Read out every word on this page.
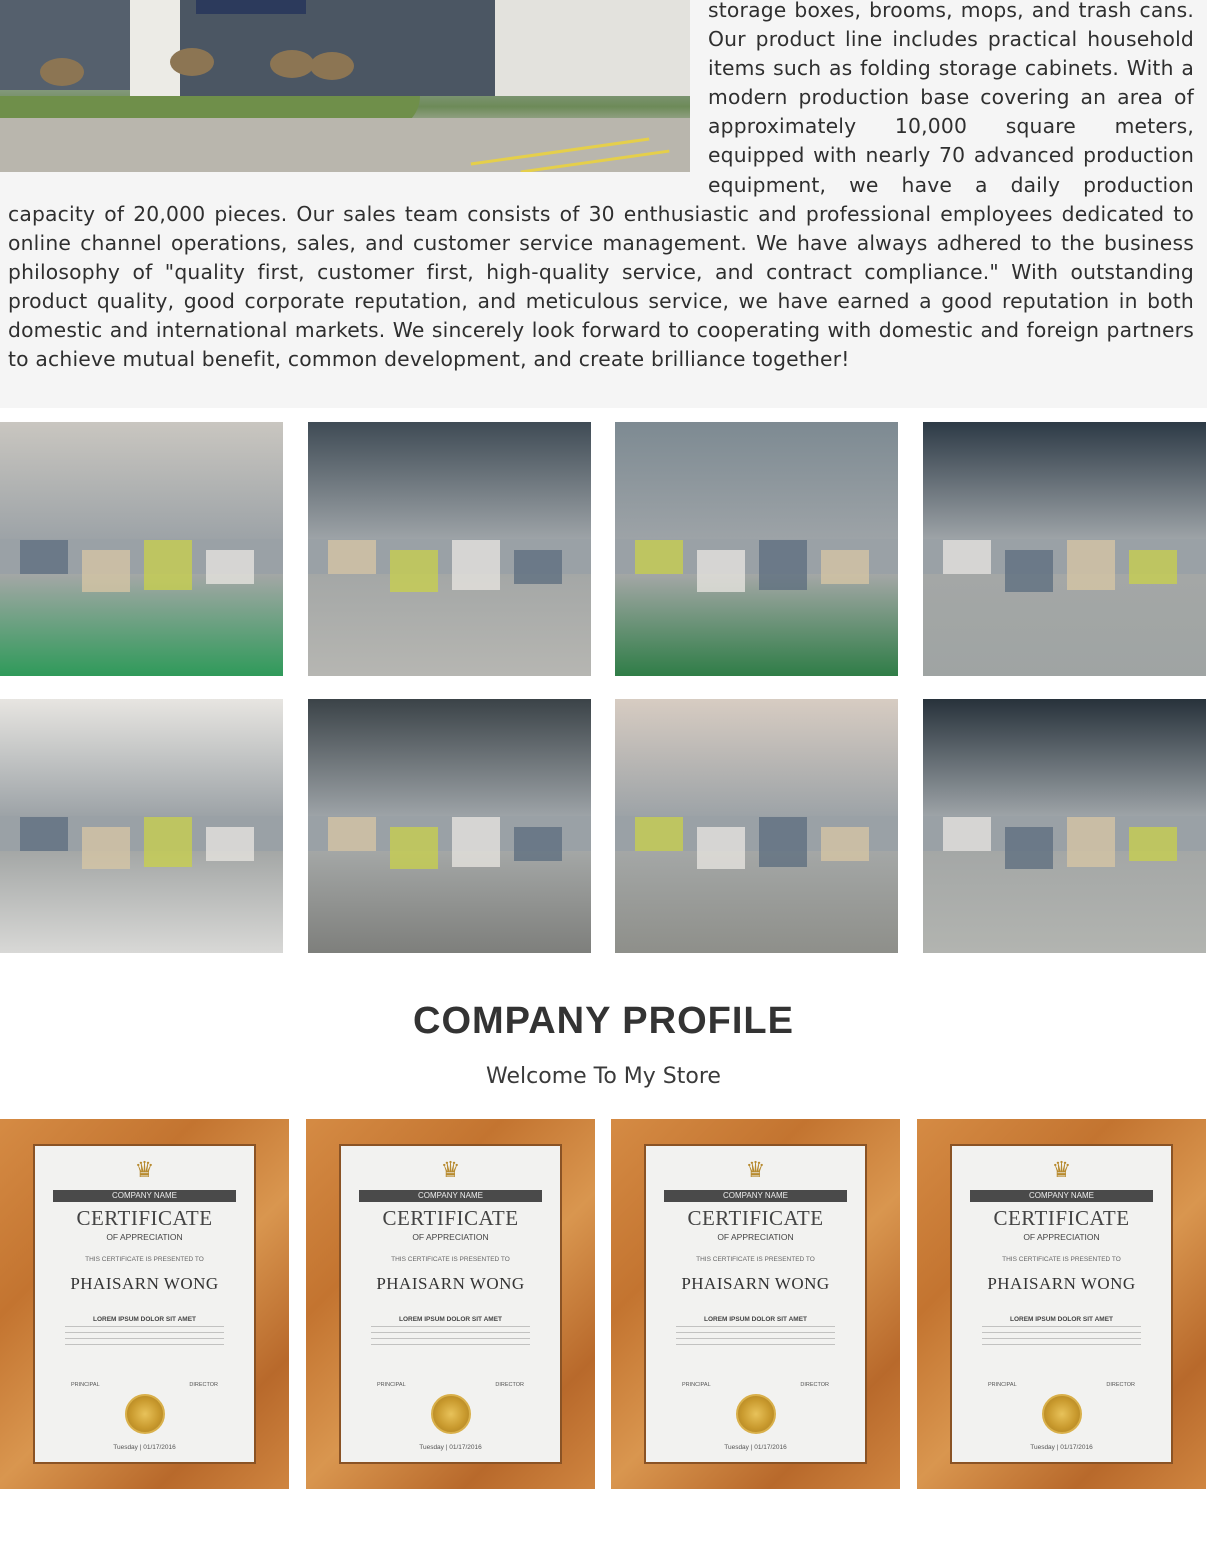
storage boxes, brooms, mops, and trash cans. Our product line includes practical household items such as folding storage cabinets. With a modern production base covering an area of approximately 10,000 square meters, equipped with nearly 70 advanced production equipment, we have a daily production capacity of 20,000 pieces. Our sales team consists of 30 enthusiastic and professional employees dedicated to online channel operations, sales, and customer service management. We have always adhered to the business philosophy of "quality first, customer first, high-quality service, and contract compliance." With outstanding product quality, good corporate reputation, and meticulous service, we have earned a good reputation in both domestic and international markets. We sincerely look forward to cooperating with domestic and foreign partners to achieve mutual benefit, common development, and create brilliance together!

COMPANY PROFILE
Welcome To My Store
♛
COMPANY NAME
CERTIFICATE
OF APPRECIATION
THIS CERTIFICATE IS PRESENTED TO
PHAISARN WONG
LOREM IPSUM DOLOR SIT AMET
PRINCIPAL	DIRECTOR
Tuesday | 01/17/2016
♛
COMPANY NAME
CERTIFICATE
OF APPRECIATION
THIS CERTIFICATE IS PRESENTED TO
PHAISARN WONG
LOREM IPSUM DOLOR SIT AMET
PRINCIPAL	DIRECTOR
Tuesday | 01/17/2016
♛
COMPANY NAME
CERTIFICATE
OF APPRECIATION
THIS CERTIFICATE IS PRESENTED TO
PHAISARN WONG
LOREM IPSUM DOLOR SIT AMET
PRINCIPAL	DIRECTOR
Tuesday | 01/17/2016
♛
COMPANY NAME
CERTIFICATE
OF APPRECIATION
THIS CERTIFICATE IS PRESENTED TO
PHAISARN WONG
LOREM IPSUM DOLOR SIT AMET
PRINCIPAL	DIRECTOR
Tuesday | 01/17/2016
